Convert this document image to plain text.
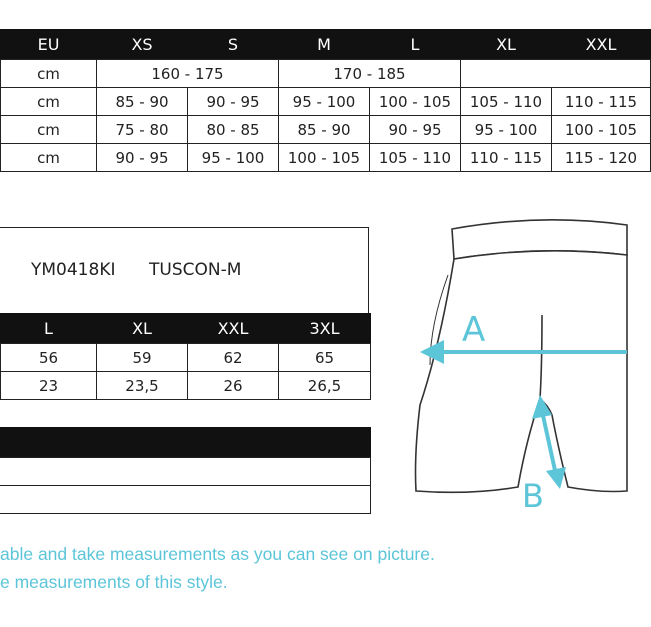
	EU	XS	S	M	L	XL	XXL
	cm	160 - 175		170 - 185			
	cm	85 - 90	90 - 95	95 - 100	100 - 105	105 - 110	110 - 115
	cm	75 - 80	80 - 85	85 - 90	90 - 95	95 - 100	100 - 105
	cm	90 - 95	95 - 100	100 - 105	105 - 110	110 - 115	115 - 120
YM0418KI TUSCON-M
	L	XL	XXL	3XL
	56	59	62	65
	23	23,5	26	26,5

A
B
able and take measurements as you can see on picture.
e measurements of this style.
